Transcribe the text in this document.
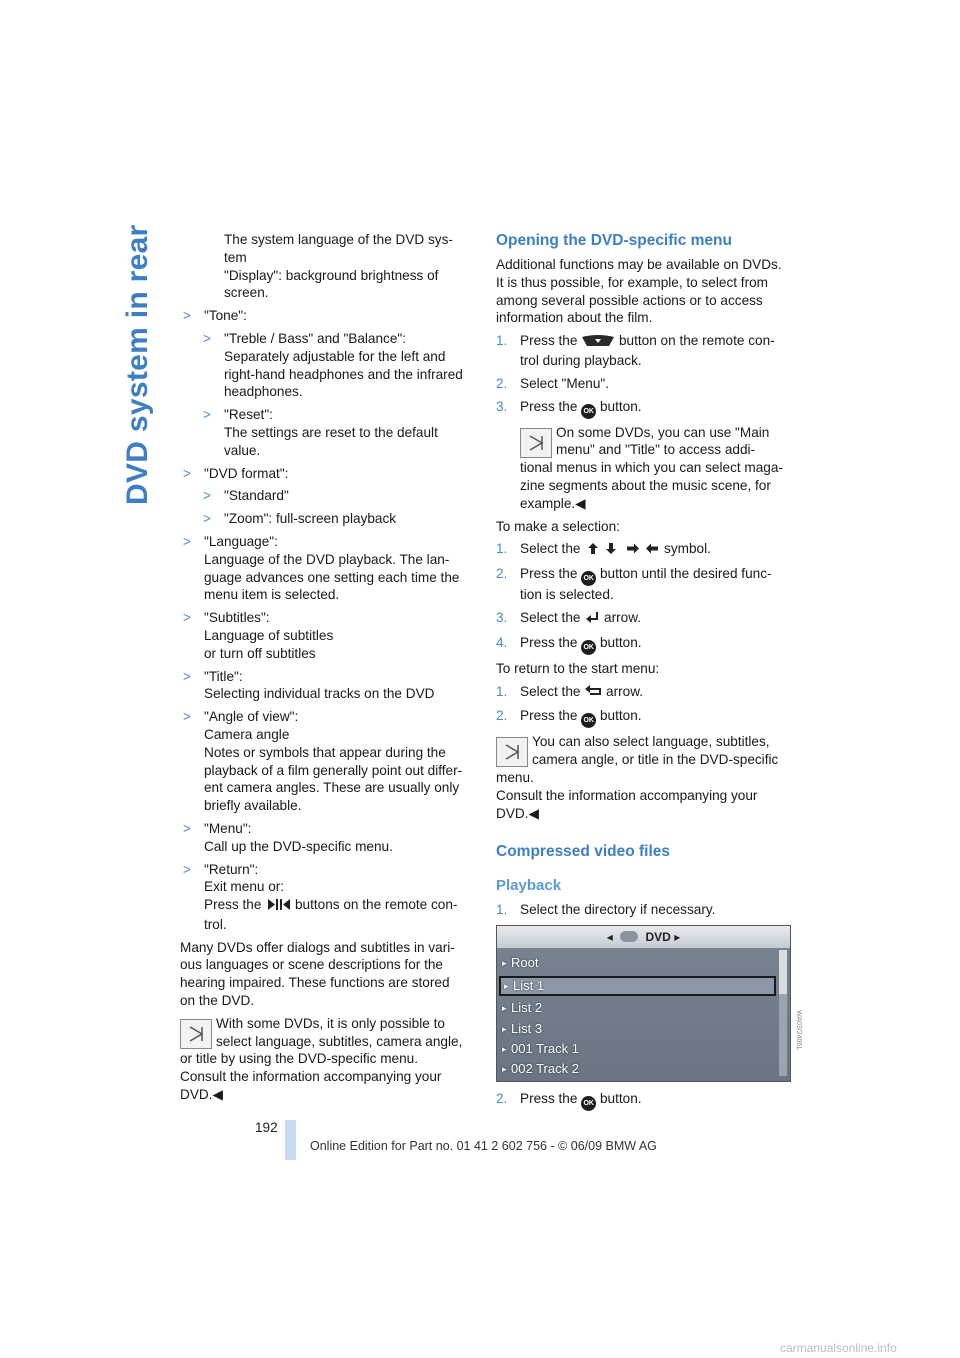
DVD system in rear	The system language of the DVD sys-
tem
"Display": background brightness of
screen.
> "Tone":
> "Treble / Bass" and "Balance":
Separately adjustable for the left and
right-hand headphones and the infrared
headphones.
> "Reset":
The settings are reset to the default
value.
> "DVD format":
> "Standard"
> "Zoom": full-screen playback
> "Language":
Language of the DVD playback. The lan-
guage advances one setting each time the
menu item is selected.
> "Subtitles":
Language of subtitles
or turn off subtitles
> "Title":
Selecting individual tracks on the DVD
> "Angle of view":
Camera angle
Notes or symbols that appear during the
playback of a film generally point out differ-
ent camera angles. These are usually only
briefly available.
> "Menu":
Call up the DVD-specific menu.
> "Return":
Exit menu or:
Press the buttons on the remote con-
trol.
Many DVDs offer dialogs and subtitles in vari-
ous languages or scene descriptions for the
hearing impaired. These functions are stored
on the DVD.
With some DVDs, it is only possible to
select language, subtitles, camera angle,
or title by using the DVD-specific menu.
Consult the information accompanying your
DVD.◀
Opening the DVD-specific menu
Additional functions may be available on DVDs.
It is thus possible, for example, to select from
among several possible actions or to access
information about the film.
1. Press the	button on the remote con-
trol during playback.
2. Select "Menu".
3. Press the OK button.
On some DVDs, you can use "Main
menu" and "Title" to access addi-
tional menus in which you can select maga-
zine segments about the music scene, for
example.◀
To make a selection:
1. Select the	symbol.
2. Press the OK button until the desired func-
tion is selected.
3. Select the arrow.
4. Press the OK button.
To return to the start menu:
1. Select the arrow.
2. Press the OK button.
You can also select language, subtitles,
camera angle, or title in the DVD-specific
menu.
Consult the information accompanying your
DVD.◀
Compressed video files
Playback
1. Select the directory if necessary.
◂	DVD ▸
▸ Root
▸ List 1
▸ List 2
▸ List 3
▸ 001 Track 1
▸ 002 Track 2
2. Press the OK button.
WA03/2406L
192
Online Edition for Part no. 01 41 2 602 756 - © 06/09 BMW AG
carmanualsonline.info
